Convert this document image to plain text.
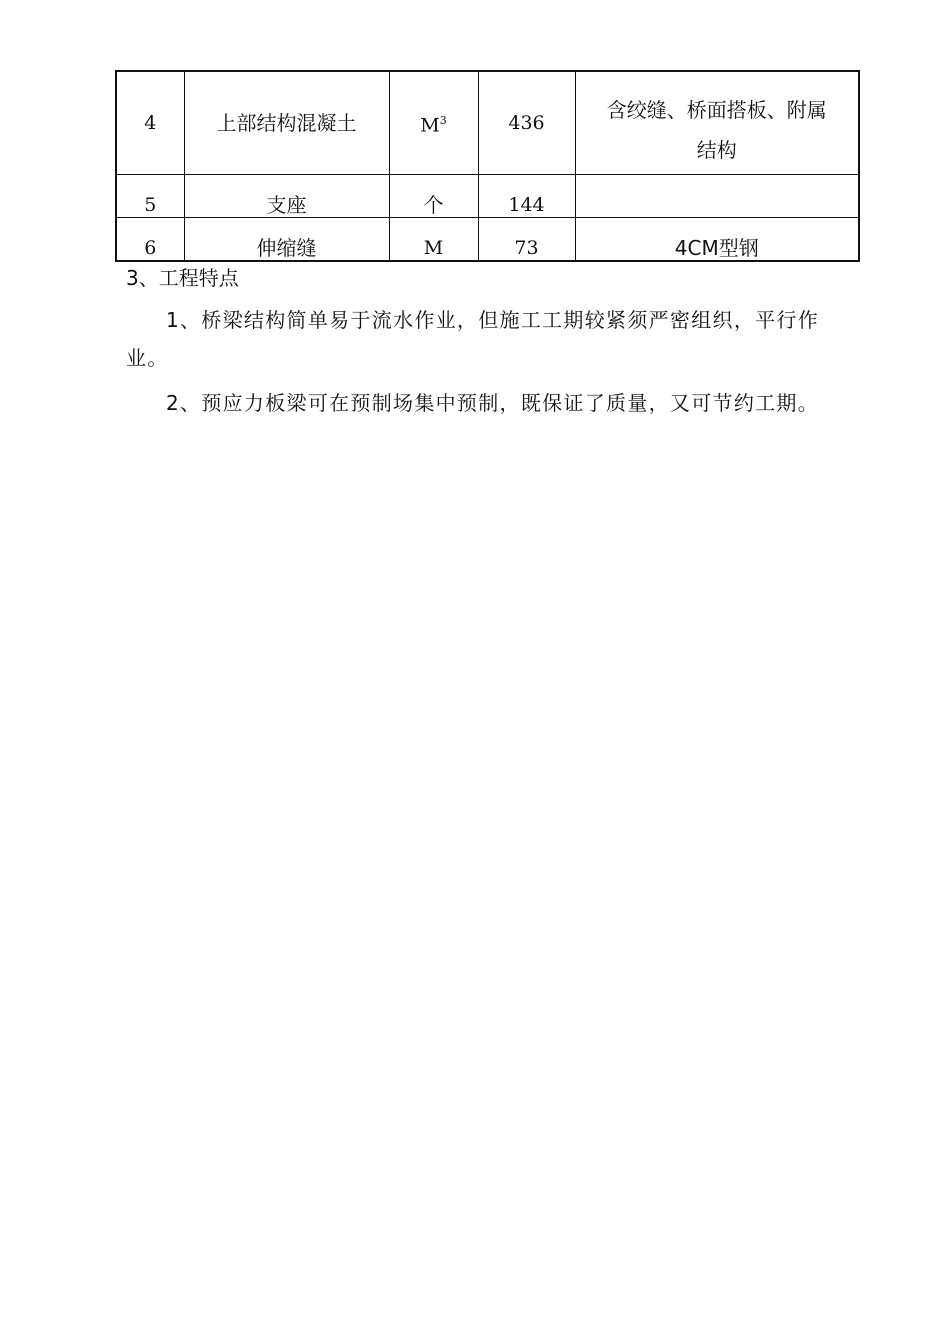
4	上部结构混凝土	$M^3$	436	含绞缝、桥面搭板、附属
结构

5	支座	个	144	
6	伸缩缝	M	73	4CM型钢

3、工程特点

1、桥梁结构简单易于流水作业，但施工工期较紧须严密组织，平行作业。

2、预应力板梁可在预制场集中预制，既保证了质量，又可节约工期。
